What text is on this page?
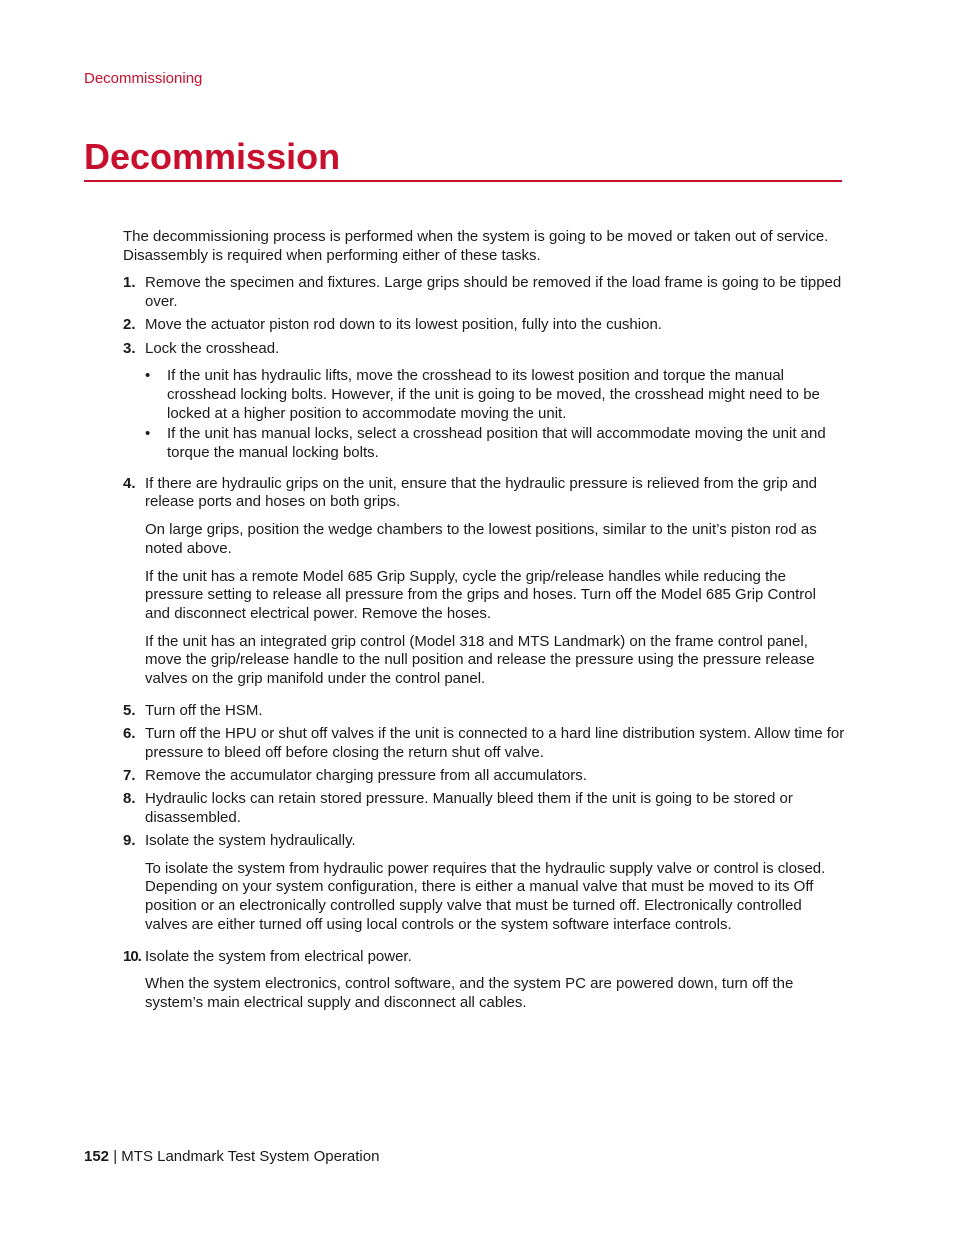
Decommissioning
Decommission

The decommissioning process is performed when the system is going to be moved or taken out of service. Disassembly is required when performing either of these tasks.

1. Remove the specimen and fixtures. Large grips should be removed if the load frame is going to be tipped over.

2. Move the actuator piston rod down to its lowest position, fully into the cushion.

3. Lock the crosshead.

• If the unit has hydraulic lifts, move the crosshead to its lowest position and torque the manual crosshead locking bolts. However, if the unit is going to be moved, the crosshead might need to be locked at a higher position to accommodate moving the unit.
• If the unit has manual locks, select a crosshead position that will accommodate moving the unit and torque the manual locking bolts.
4. If there are hydraulic grips on the unit, ensure that the hydraulic pressure is relieved from the grip and release ports and hoses on both grips.

On large grips, position the wedge chambers to the lowest positions, similar to the unit’s piston rod as noted above.

If the unit has a remote Model 685 Grip Supply, cycle the grip/release handles while reducing the pressure setting to release all pressure from the grips and hoses. Turn off the Model 685 Grip Control and disconnect electrical power. Remove the hoses.

If the unit has an integrated grip control (Model 318 and MTS Landmark) on the frame control panel, move the grip/release handle to the null position and release the pressure using the pressure release valves on the grip manifold under the control panel.

5. Turn off the HSM.

6. Turn off the HPU or shut off valves if the unit is connected to a hard line distribution system. Allow time for pressure to bleed off before closing the return shut off valve.

7. Remove the accumulator charging pressure from all accumulators.

8. Hydraulic locks can retain stored pressure. Manually bleed them if the unit is going to be stored or disassembled.

9. Isolate the system hydraulically.

To isolate the system from hydraulic power requires that the hydraulic supply valve or control is closed. Depending on your system configuration, there is either a manual valve that must be moved to its Off position or an electronically controlled supply valve that must be turned off. Electronically controlled valves are either turned off using local controls or the system software interface controls.

10. Isolate the system from electrical power.

When the system electronics, control software, and the system PC are powered down, turn off the system’s main electrical supply and disconnect all cables.

152 | MTS Landmark Test System Operation
